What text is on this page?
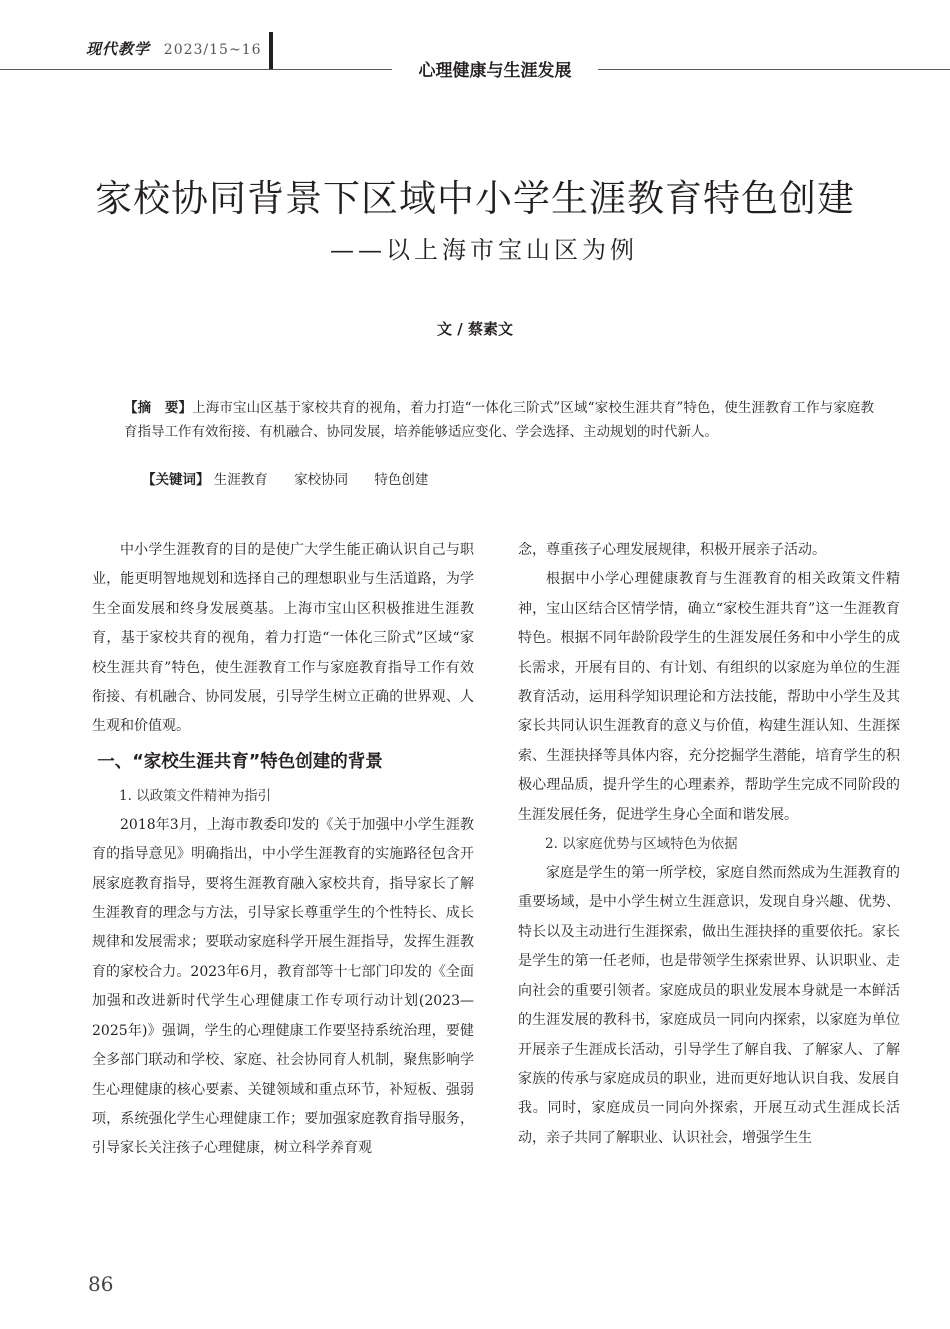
现代教学 2023/15~16
心理健康与生涯发展
家校协同背景下区域中小学生涯教育特色创建
——以上海市宝山区为例
文 / 蔡素文
【摘　要】上海市宝山区基于家校共育的视角，着力打造“一体化三阶式”区域“家校生涯共育”特色，使生涯教育工作与家庭教育指导工作有效衔接、有机融合、协同发展，培养能够适应变化、学会选择、主动规划的时代新人。
【关键词】 生涯教育 家校协同 特色创建

中小学生涯教育的目的是使广大学生能正确认识自己与职业，能更明智地规划和选择自己的理想职业与生活道路，为学生全面发展和终身发展奠基。上海市宝山区积极推进生涯教育，基于家校共育的视角，着力打造“一体化三阶式”区域“家校生涯共育”特色，使生涯教育工作与家庭教育指导工作有效衔接、有机融合、协同发展，引导学生树立正确的世界观、人生观和价值观。

一、“家校生涯共育”特色创建的背景
1. 以政策文件精神为指引

2018年3月，上海市教委印发的《关于加强中小学生涯教育的指导意见》明确指出，中小学生涯教育的实施路径包含开展家庭教育指导，要将生涯教育融入家校共育，指导家长了解生涯教育的理念与方法，引导家长尊重学生的个性特长、成长规律和发展需求；要联动家庭科学开展生涯指导，发挥生涯教育的家校合力。2023年6月，教育部等十七部门印发的《全面加强和改进新时代学生心理健康工作专项行动计划(2023—2025年)》强调，学生的心理健康工作要坚持系统治理，要健全多部门联动和学校、家庭、社会协同育人机制，聚焦影响学生心理健康的核心要素、关键领域和重点环节，补短板、强弱项，系统强化学生心理健康工作；要加强家庭教育指导服务，引导家长关注孩子心理健康，树立科学养育观

念，尊重孩子心理发展规律，积极开展亲子活动。

根据中小学心理健康教育与生涯教育的相关政策文件精神，宝山区结合区情学情，确立“家校生涯共育”这一生涯教育特色。根据不同年龄阶段学生的生涯发展任务和中小学生的成长需求，开展有目的、有计划、有组织的以家庭为单位的生涯教育活动，运用科学知识理论和方法技能，帮助中小学生及其家长共同认识生涯教育的意义与价值，构建生涯认知、生涯探索、生涯抉择等具体内容，充分挖掘学生潜能，培育学生的积极心理品质，提升学生的心理素养，帮助学生完成不同阶段的生涯发展任务，促进学生身心全面和谐发展。

2. 以家庭优势与区域特色为依据

家庭是学生的第一所学校，家庭自然而然成为生涯教育的重要场域，是中小学生树立生涯意识，发现自身兴趣、优势、特长以及主动进行生涯探索，做出生涯抉择的重要依托。家长是学生的第一任老师，也是带领学生探索世界、认识职业、走向社会的重要引领者。家庭成员的职业发展本身就是一本鲜活的生涯发展的教科书，家庭成员一同向内探索，以家庭为单位开展亲子生涯成长活动，引导学生了解自我、了解家人、了解家族的传承与家庭成员的职业，进而更好地认识自我、发展自我。同时，家庭成员一同向外探索，开展互动式生涯成长活动，亲子共同了解职业、认识社会，增强学生生

86
